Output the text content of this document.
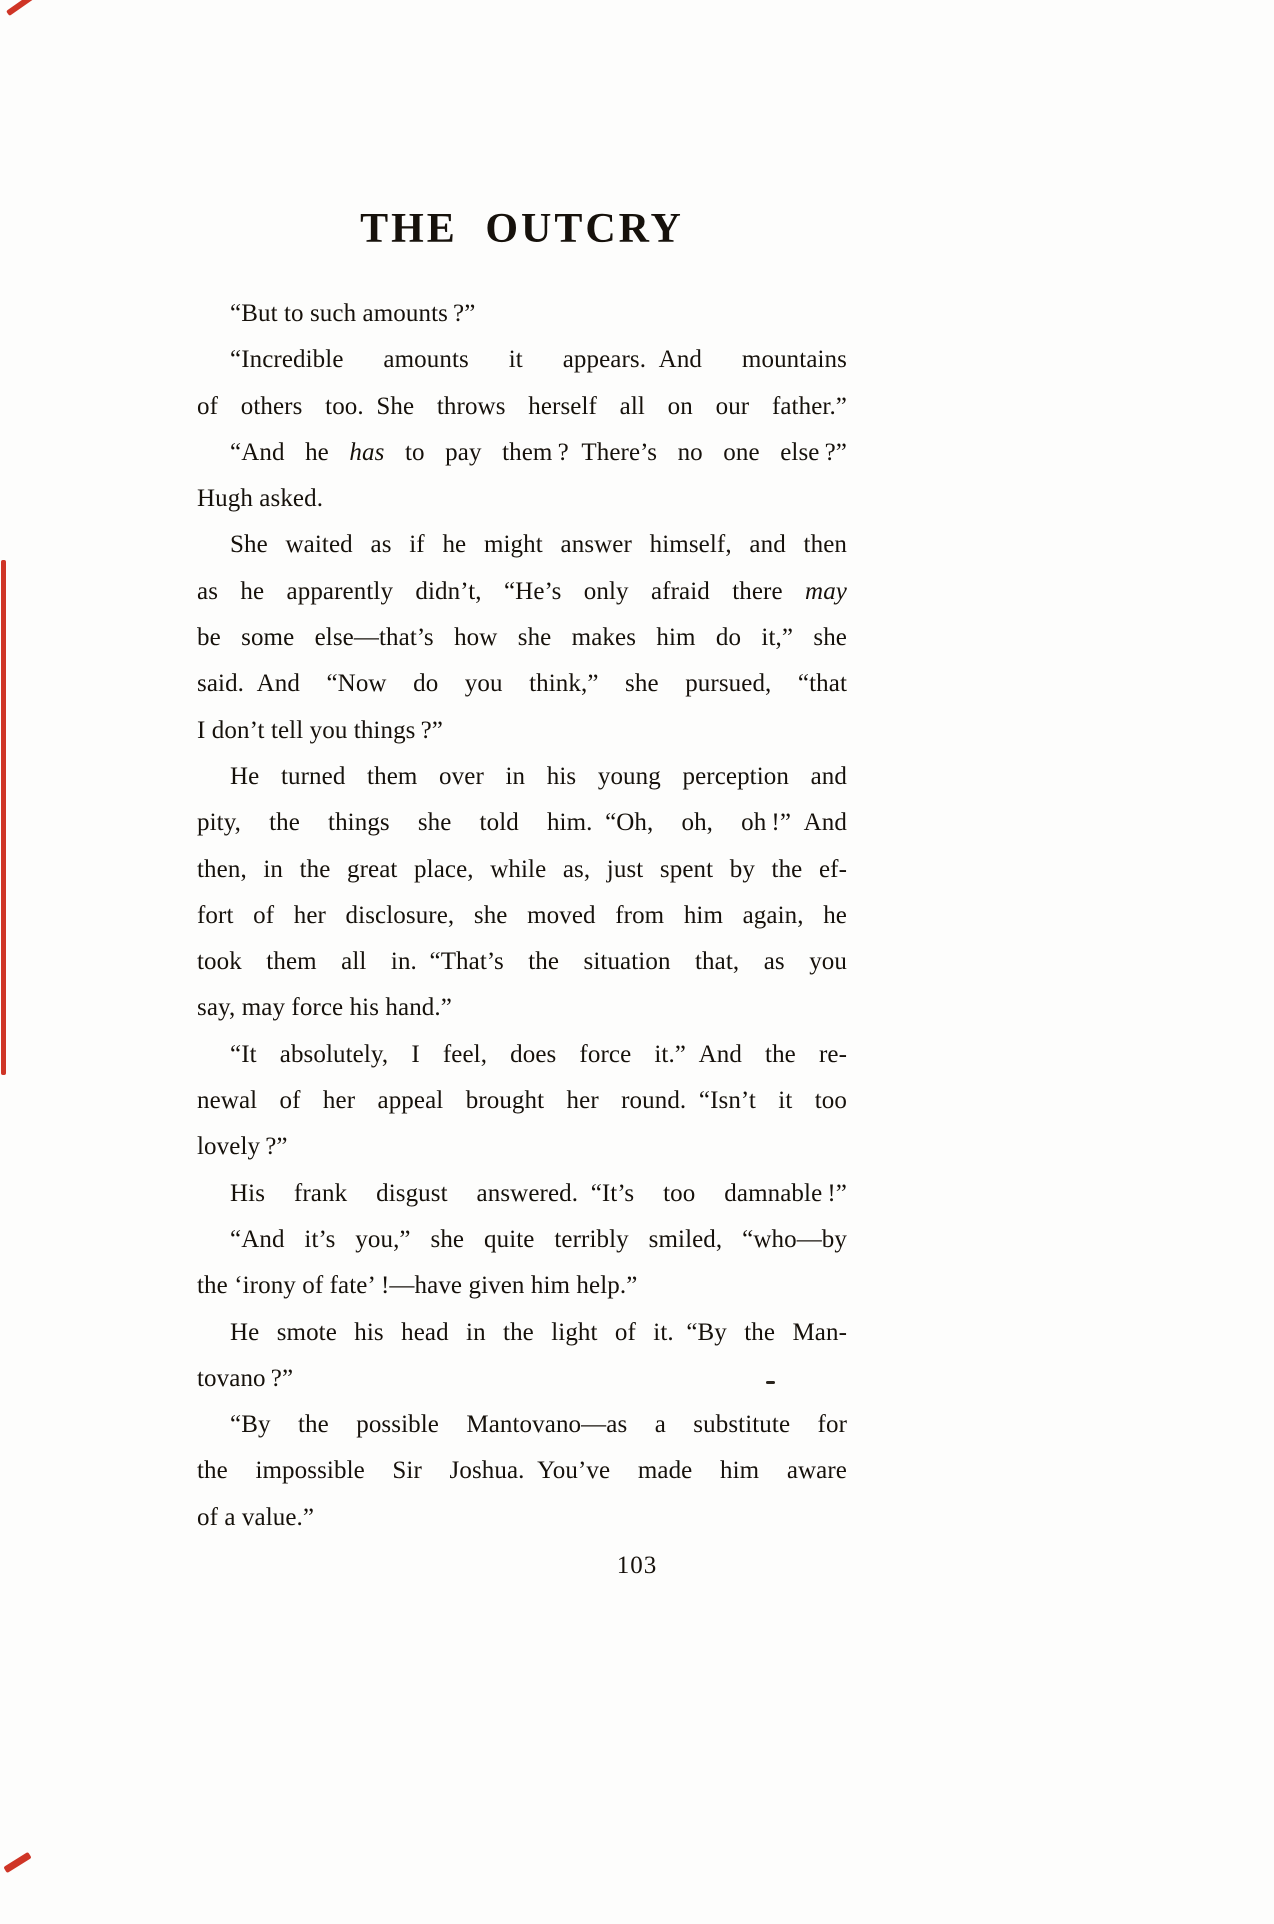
THE OUTCRY
“But to such amounts ?”
“Incredible amounts it appears. And mountains
of others too. She throws herself all on our father.”
“And he has to pay them ? There’s no one else ?”
Hugh asked.
She waited as if he might answer himself, and then
as he apparently didn’t, “He’s only afraid there may
be some else—that’s how she makes him do it,” she
said. And “Now do you think,” she pursued, “that
I don’t tell you things ?”
He turned them over in his young perception and
pity, the things she told him. “Oh, oh, oh !” And
then, in the great place, while as, just spent by the ef-
fort of her disclosure, she moved from him again, he
took them all in. “That’s the situation that, as you
say, may force his hand.”
“It absolutely, I feel, does force it.” And the re-
newal of her appeal brought her round. “Isn’t it too
lovely ?”
His frank disgust answered. “It’s too damnable !”
“And it’s you,” she quite terribly smiled, “who—by
the ‘irony of fate’ !—have given him help.”
He smote his head in the light of it. “By the Man-
tovano ?”
“By the possible Mantovano—as a substitute for
the impossible Sir Joshua. You’ve made him aware
of a value.”
103
